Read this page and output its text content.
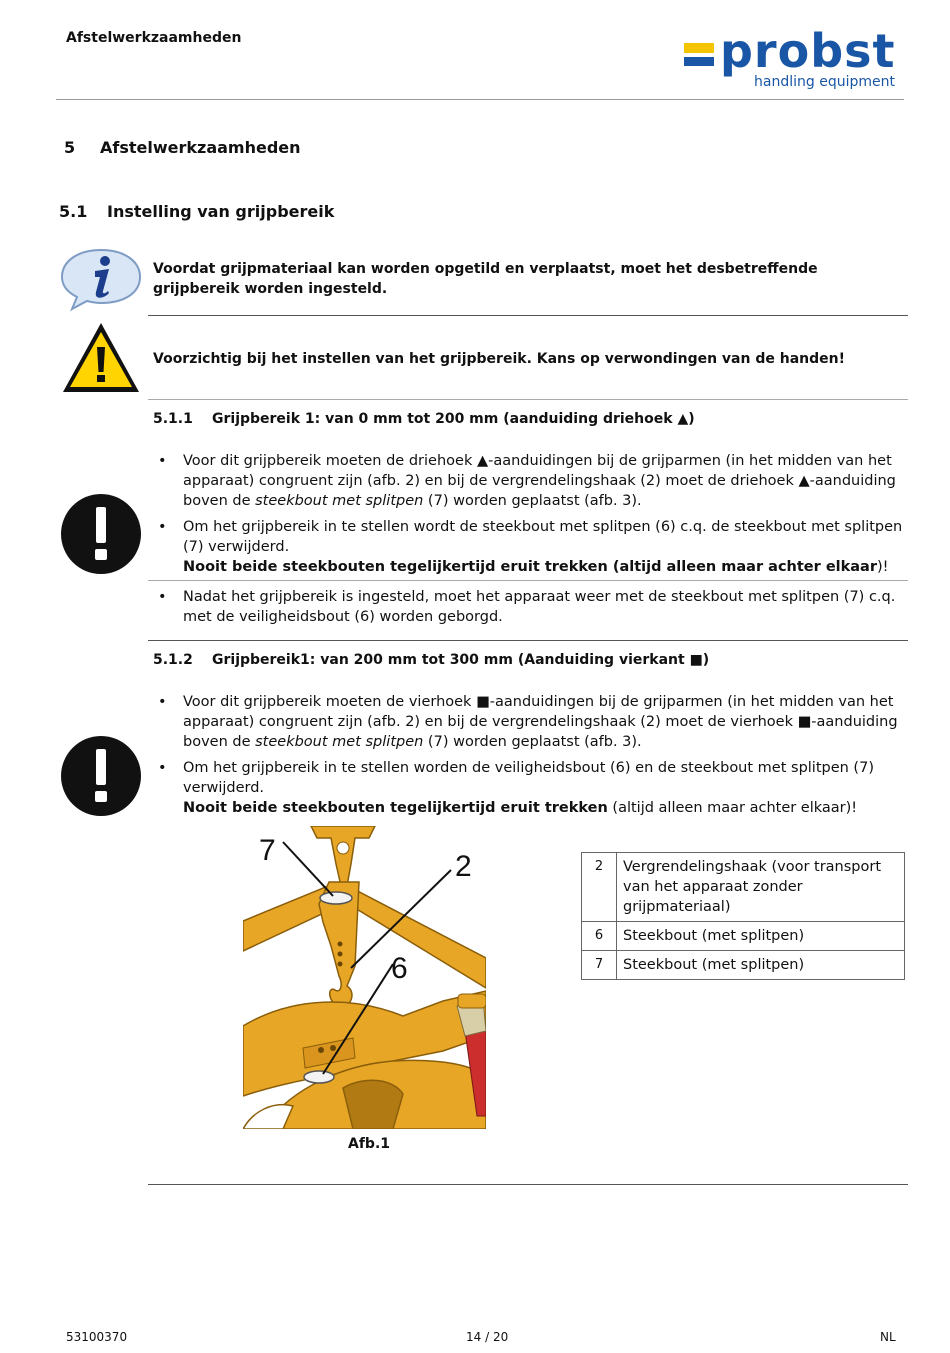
Afstelwerkzaamheden	probst
handling equipment
5 Afstelwerkzaamheden
5.1 Instelling van grijpbereik
Voordat grijpmateriaal kan worden opgetild en verplaatst, moet het desbetreffende grijpbereik worden ingesteld.
Voorzichtig bij het instellen van het grijpbereik. Kans op verwondingen van de handen!
5.1.1 Grijpbereik 1: van 0 mm tot 200 mm (aanduiding driehoek ▲)
• Voor dit grijpbereik moeten de driehoek ▲-aanduidingen bij de grijparmen (in het midden van het apparaat) congruent zijn (afb. 2) en bij de vergrendelingshaak (2) moet de driehoek ▲-aanduiding boven de steekbout met splitpen (7) worden geplaatst (afb. 3).
• Om het grijpbereik in te stellen wordt de steekbout met splitpen (6) c.q. de steekbout met splitpen (7) verwijderd.
Nooit beide steekbouten tegelijkertijd eruit trekken (altijd alleen maar achter elkaar)!
• Nadat het grijpbereik is ingesteld, moet het apparaat weer met de steekbout met splitpen (7) c.q. met de veiligheidsbout (6) worden geborgd.
5.1.2 Grijpbereik1: van 200 mm tot 300 mm (Aanduiding vierkant ■)
• Voor dit grijpbereik moeten de vierhoek ■-aanduidingen bij de grijparmen (in het midden van het apparaat) congruent zijn (afb. 2) en bij de vergrendelingshaak (2) moet de vierhoek ■-aanduiding boven de steekbout met splitpen (7) worden geplaatst (afb. 3).
• Om het grijpbereik in te stellen worden de veiligheidsbout (6) en de steekbout met splitpen (7) verwijderd.
Nooit beide steekbouten tegelijkertijd eruit trekken (altijd alleen maar achter elkaar)!
7	2
6
Afb.1
2	Vergrendelingshaak (voor transport van het apparaat zonder grijpmateriaal)
6	Steekbout (met splitpen)
7	Steekbout (met splitpen)
53100370	14 / 20	NL
